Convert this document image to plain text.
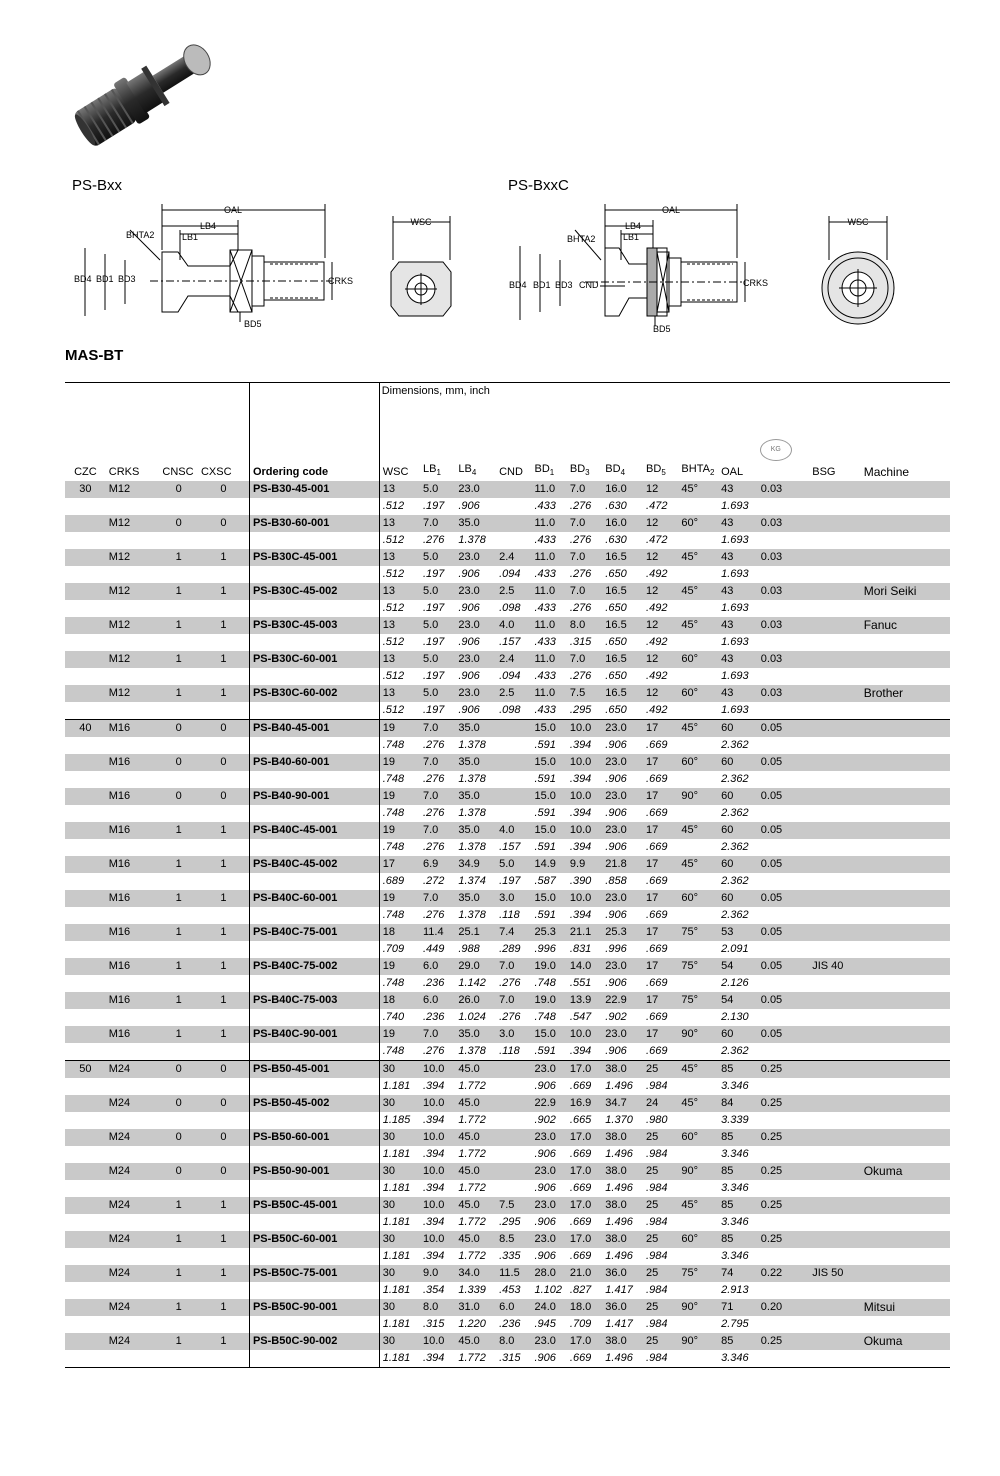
PS-Bxx	PS-BxxC
OAL
LB4
LB1
BHTA2
BD4 BD1 BD3	CRKS
BD5
WSC
OAL
LB4
LB1
BHTA2
BD4 BD1 BD3 CND	CRKS
BD5
WSC
MAS-BT
					Dimensions, mm, inch												
CZC	CRKS	CNSC	CXSC	Ordering code	WSC	$LB_1$	$LB_4$	CND	$BD_1$	$BD_3$	$BD_4$	$BD_5$	$BHTA_2$	OAL	KG	BSG	Machine
30	M12	0	0	PS-B30-45-001	13	5.0	23.0		11.0	7.0	16.0	12	45°	43	0.03		
					.512	.197	.906		.433	.276	.630	.472		1.693			
	M12	0	0	PS-B30-60-001	13	7.0	35.0		11.0	7.0	16.0	12	60°	43	0.03		
					.512	.276	1.378		.433	.276	.630	.472		1.693			
	M12	1	1	PS-B30C-45-001	13	5.0	23.0	2.4	11.0	7.0	16.5	12	45°	43	0.03		
					.512	.197	.906	.094	.433	.276	.650	.492		1.693			
	M12	1	1	PS-B30C-45-002	13	5.0	23.0	2.5	11.0	7.0	16.5	12	45°	43	0.03		Mori Seiki
					.512	.197	.906	.098	.433	.276	.650	.492		1.693			
	M12	1	1	PS-B30C-45-003	13	5.0	23.0	4.0	11.0	8.0	16.5	12	45°	43	0.03		Fanuc
					.512	.197	.906	.157	.433	.315	.650	.492		1.693			
	M12	1	1	PS-B30C-60-001	13	5.0	23.0	2.4	11.0	7.0	16.5	12	60°	43	0.03		
					.512	.197	.906	.094	.433	.276	.650	.492		1.693			
	M12	1	1	PS-B30C-60-002	13	5.0	23.0	2.5	11.0	7.5	16.5	12	60°	43	0.03		Brother
					.512	.197	.906	.098	.433	.295	.650	.492		1.693			
40	M16	0	0	PS-B40-45-001	19	7.0	35.0		15.0	10.0	23.0	17	45°	60	0.05		
					.748	.276	1.378		.591	.394	.906	.669		2.362			
	M16	0	0	PS-B40-60-001	19	7.0	35.0		15.0	10.0	23.0	17	60°	60	0.05		
					.748	.276	1.378		.591	.394	.906	.669		2.362			
	M16	0	0	PS-B40-90-001	19	7.0	35.0		15.0	10.0	23.0	17	90°	60	0.05		
					.748	.276	1.378		.591	.394	.906	.669		2.362			
	M16	1	1	PS-B40C-45-001	19	7.0	35.0	4.0	15.0	10.0	23.0	17	45°	60	0.05		
					.748	.276	1.378	.157	.591	.394	.906	.669		2.362			
	M16	1	1	PS-B40C-45-002	17	6.9	34.9	5.0	14.9	9.9	21.8	17	45°	60	0.05		
					.689	.272	1.374	.197	.587	.390	.858	.669		2.362			
	M16	1	1	PS-B40C-60-001	19	7.0	35.0	3.0	15.0	10.0	23.0	17	60°	60	0.05		
					.748	.276	1.378	.118	.591	.394	.906	.669		2.362			
	M16	1	1	PS-B40C-75-001	18	11.4	25.1	7.4	25.3	21.1	25.3	17	75°	53	0.05		
					.709	.449	.988	.289	.996	.831	.996	.669		2.091			
	M16	1	1	PS-B40C-75-002	19	6.0	29.0	7.0	19.0	14.0	23.0	17	75°	54	0.05	JIS 40	
					.748	.236	1.142	.276	.748	.551	.906	.669		2.126			
	M16	1	1	PS-B40C-75-003	18	6.0	26.0	7.0	19.0	13.9	22.9	17	75°	54	0.05		
					.740	.236	1.024	.276	.748	.547	.902	.669		2.130			
	M16	1	1	PS-B40C-90-001	19	7.0	35.0	3.0	15.0	10.0	23.0	17	90°	60	0.05		
					.748	.276	1.378	.118	.591	.394	.906	.669		2.362			
50	M24	0	0	PS-B50-45-001	30	10.0	45.0		23.0	17.0	38.0	25	45°	85	0.25		
					1.181	.394	1.772		.906	.669	1.496	.984		3.346			
	M24	0	0	PS-B50-45-002	30	10.0	45.0		22.9	16.9	34.7	24	45°	84	0.25		
					1.185	.394	1.772		.902	.665	1.370	.980		3.339			
	M24	0	0	PS-B50-60-001	30	10.0	45.0		23.0	17.0	38.0	25	60°	85	0.25		
					1.181	.394	1.772		.906	.669	1.496	.984		3.346			
	M24	0	0	PS-B50-90-001	30	10.0	45.0		23.0	17.0	38.0	25	90°	85	0.25		Okuma
					1.181	.394	1.772		.906	.669	1.496	.984		3.346			
	M24	1	1	PS-B50C-45-001	30	10.0	45.0	7.5	23.0	17.0	38.0	25	45°	85	0.25		
					1.181	.394	1.772	.295	.906	.669	1.496	.984		3.346			
	M24	1	1	PS-B50C-60-001	30	10.0	45.0	8.5	23.0	17.0	38.0	25	60°	85	0.25		
					1.181	.394	1.772	.335	.906	.669	1.496	.984		3.346			
	M24	1	1	PS-B50C-75-001	30	9.0	34.0	11.5	28.0	21.0	36.0	25	75°	74	0.22	JIS 50	
					1.181	.354	1.339	.453	1.102	.827	1.417	.984		2.913			
	M24	1	1	PS-B50C-90-001	30	8.0	31.0	6.0	24.0	18.0	36.0	25	90°	71	0.20		Mitsui
					1.181	.315	1.220	.236	.945	.709	1.417	.984		2.795			
	M24	1	1	PS-B50C-90-002	30	10.0	45.0	8.0	23.0	17.0	38.0	25	90°	85	0.25		Okuma
					1.181	.394	1.772	.315	.906	.669	1.496	.984		3.346			
